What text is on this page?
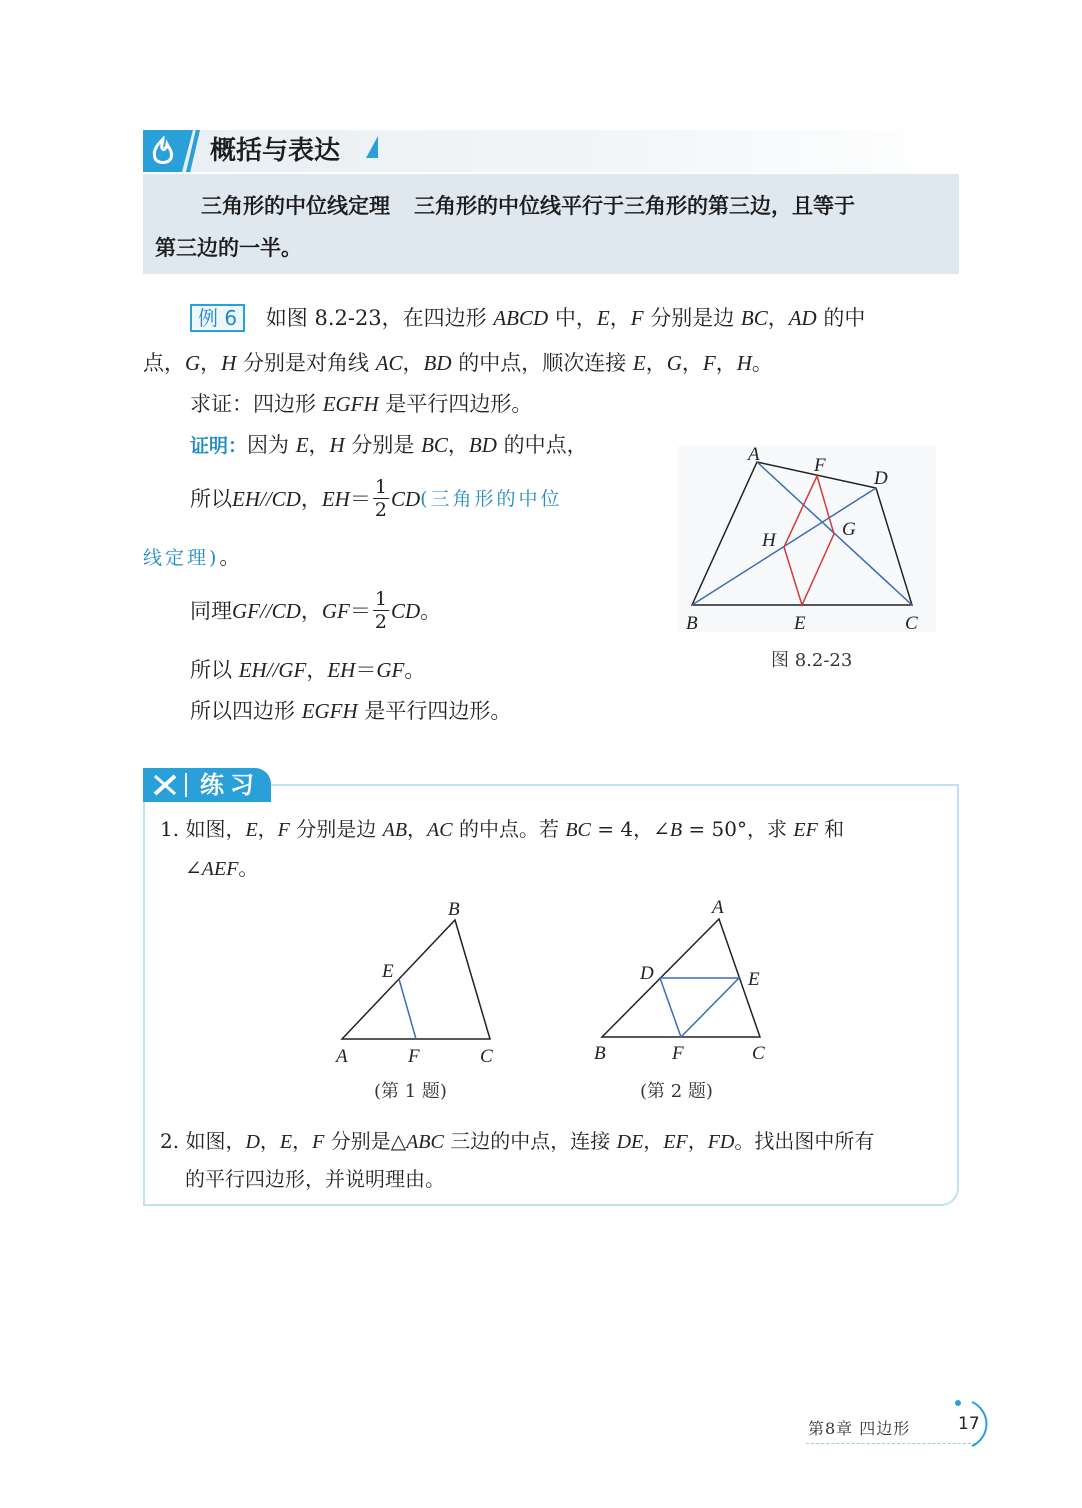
概括与表达
三角形的中位线定理 三角形的中位线平行于三角形的第三边，且等于
第三边的一半。
例 6 如图 8.2-23，在四边形 ABCD 中，E，F 分别是边 BC，AD 的中
点，G，H 分别是对角线 AC，BD 的中点，顺次连接 E，G，F，H。
求证：四边形 EGFH 是平行四边形。
证明：因为 E，H 分别是 BC，BD 的中点，
所以 EH // CD ， EH ＝ $\frac{1}{2}$ CD (三角形的中位
线定理)。
同理 GF // CD ， GF ＝ $\frac{1}{2}$ CD 。
所以 EH//GF，EH＝GF。
所以四边形 EGFH 是平行四边形。
A
F
D
H
G
B	E	C
图 8.2-23
练习
1. 如图，E，F 分别是边 AB，AC 的中点。若 BC = 4，∠B = 50°，求 EF 和
∠AEF。
B
E
A	F	C
(第 1 题)
A
D	E
B	F	C
(第 2 题)
2. 如图，D，E，F 分别是△ABC 三边的中点，连接 DE，EF，FD。找出图中所有
的平行四边形，并说明理由。
第8章 四边形	17
